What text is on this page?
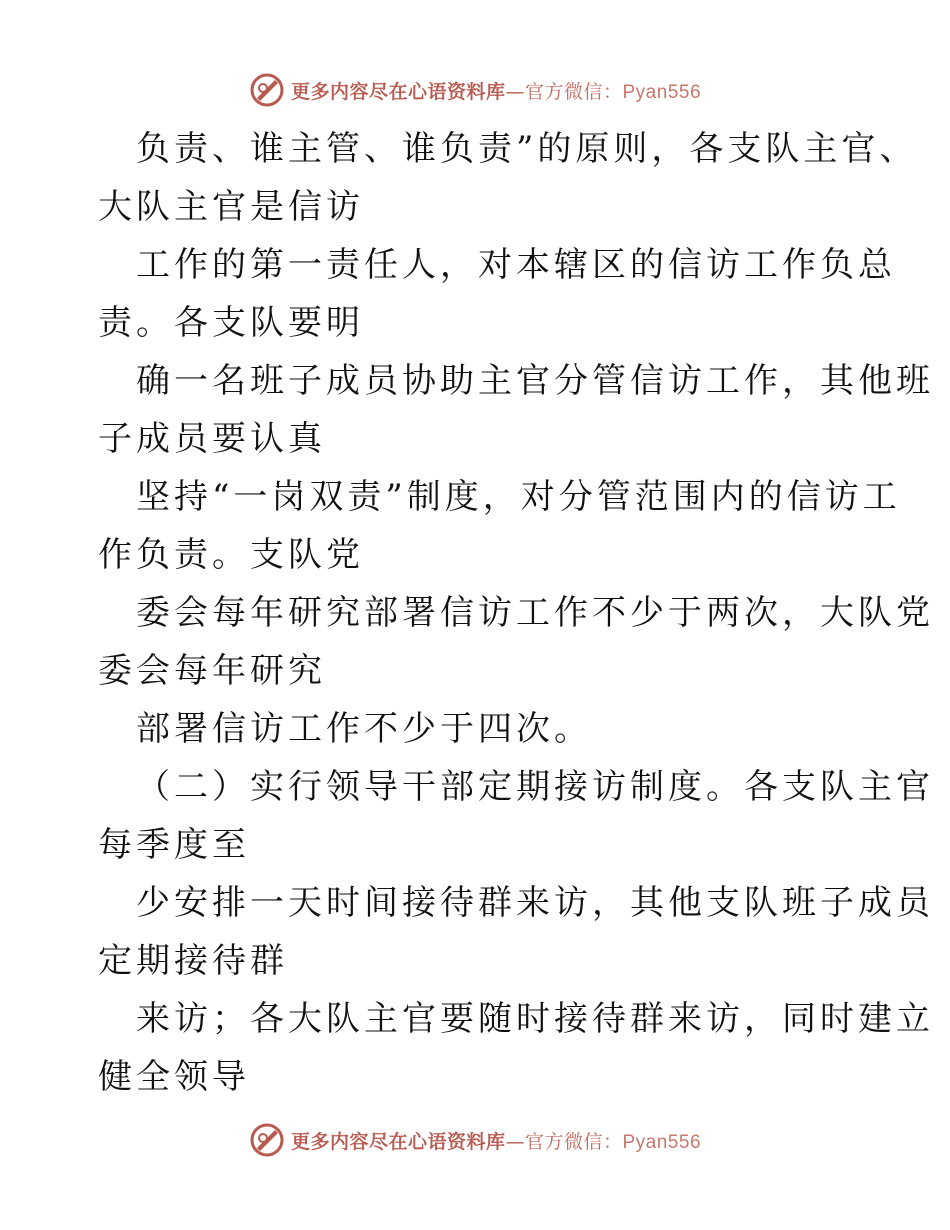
更多内容尽在心语资料库—官方微信：Pyan556
负责、谁主管、谁负责”的原则，各支队主官、
大队主官是信访
工作的第一责任人，对本辖区的信访工作负总
责。各支队要明
确一名班子成员协助主官分管信访工作，其他班
子成员要认真
坚持“一岗双责”制度，对分管范围内的信访工
作负责。支队党
委会每年研究部署信访工作不少于两次，大队党
委会每年研究
部署信访工作不少于四次。
（二）实行领导干部定期接访制度。各支队主官
每季度至
少安排一天时间接待群来访，其他支队班子成员
定期接待群
来访；各大队主官要随时接待群来访，同时建立
健全领导
更多内容尽在心语资料库—官方微信：Pyan556
